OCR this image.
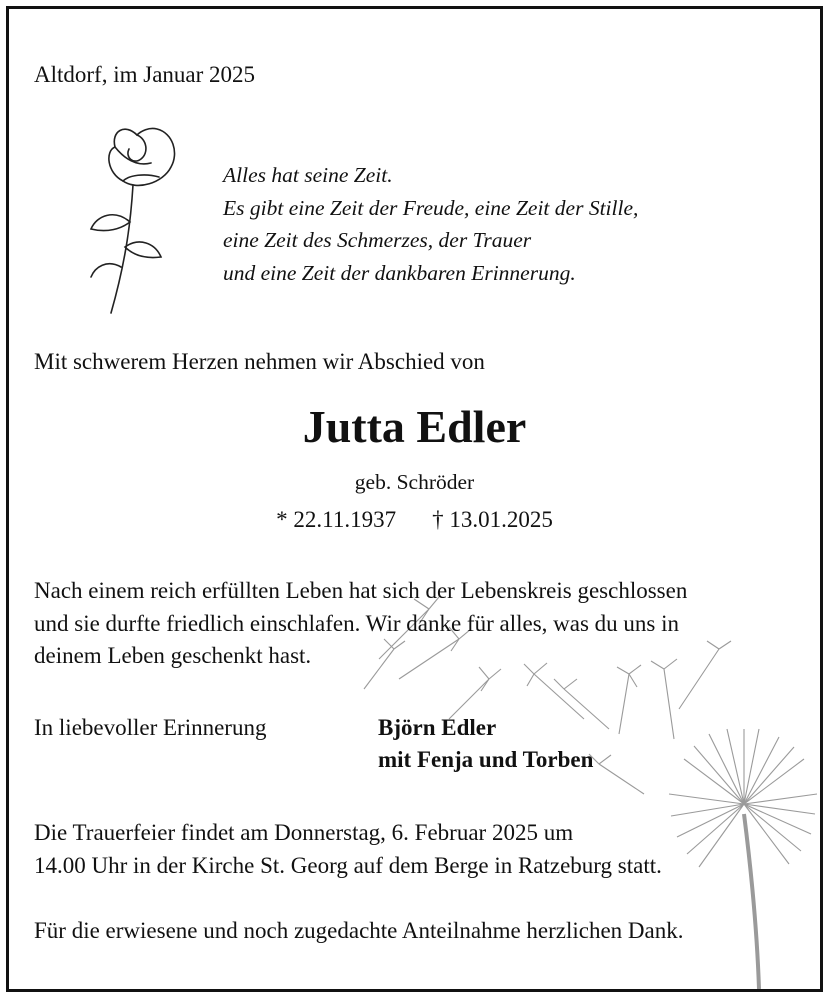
Altdorf, im Januar 2025
Alles hat seine Zeit.
Es gibt eine Zeit der Freude, eine Zeit der Stille,
eine Zeit des Schmerzes, der Trauer
und eine Zeit der dankbaren Erinnerung.
Mit schwerem Herzen nehmen wir Abschied von
Jutta Edler
geb. Schröder
* 22.11.1937 † 13.01.2025
Nach einem reich erfüllten Leben hat sich der Lebenskreis geschlossen
und sie durfte friedlich einschlafen. Wir danke für alles, was du uns in
deinem Leben geschenkt hast.
In liebevoller Erinnerung	Björn Edler
mit Fenja und Torben
Die Trauerfeier findet am Donnerstag, 6. Februar 2025 um
14.00 Uhr in der Kirche St. Georg auf dem Berge in Ratzeburg statt.
Für die erwiesene und noch zugedachte Anteilnahme herzlichen Dank.
